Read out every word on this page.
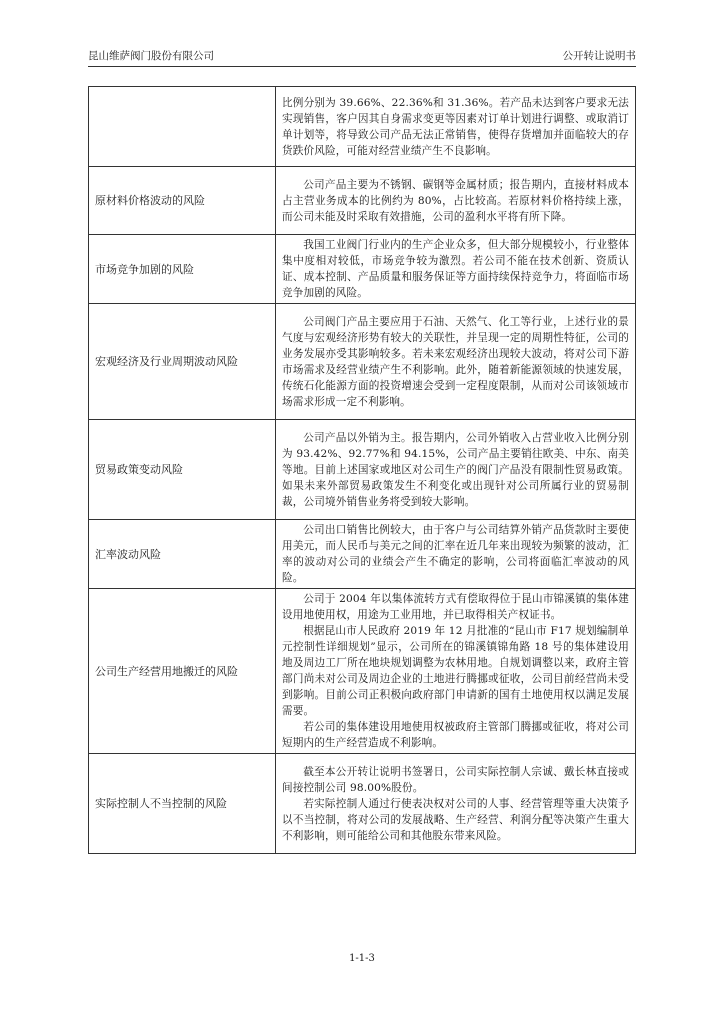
昆山维萨阀门股份有限公司	公开转让说明书

	比例分别为 39.66%、22.36%和 31.36%。若产品未达到客户要求无法实现销售，客户因其自身需求变更等因素对订单计划进行调整、或取消订单计划等，将导致公司产品无法正常销售，使得存货增加并面临较大的存货跌价风险，可能对经营业绩产生不良影响。

原材料价格波动的风险	公司产品主要为不锈钢、碳钢等金属材质；报告期内，直接材料成本占主营业务成本的比例约为 80%，占比较高。若原材料价格持续上涨，而公司未能及时采取有效措施，公司的盈利水平将有所下降。

市场竞争加剧的风险	我国工业阀门行业内的生产企业众多，但大部分规模较小，行业整体集中度相对较低，市场竞争较为激烈。若公司不能在技术创新、资质认证、成本控制、产品质量和服务保证等方面持续保持竞争力，将面临市场竞争加剧的风险。

宏观经济及行业周期波动风险	公司阀门产品主要应用于石油、天然气、化工等行业，上述行业的景气度与宏观经济形势有较大的关联性，并呈现一定的周期性特征，公司的业务发展亦受其影响较多。若未来宏观经济出现较大波动，将对公司下游市场需求及经营业绩产生不利影响。此外，随着新能源领域的快速发展，传统石化能源方面的投资增速会受到一定程度限制，从而对公司该领域市场需求形成一定不利影响。

贸易政策变动风险	公司产品以外销为主。报告期内，公司外销收入占营业收入比例分别为 93.42%、92.77%和 94.15%，公司产品主要销往欧美、中东、南美等地。目前上述国家或地区对公司生产的阀门产品没有限制性贸易政策。如果未来外部贸易政策发生不利变化或出现针对公司所属行业的贸易制裁，公司境外销售业务将受到较大影响。

汇率波动风险	公司出口销售比例较大，由于客户与公司结算外销产品货款时主要使用美元，而人民币与美元之间的汇率在近几年来出现较为频繁的波动，汇率的波动对公司的业绩会产生不确定的影响，公司将面临汇率波动的风险。

公司生产经营用地搬迁的风险	公司于 2004 年以集体流转方式有偿取得位于昆山市锦溪镇的集体建设用地使用权，用途为工业用地，并已取得相关产权证书。

根据昆山市人民政府 2019 年 12 月批准的“昆山市 F17 规划编制单元控制性详细规划”显示，公司所在的锦溪镇锦角路 18 号的集体建设用地及周边工厂所在地块规划调整为农林用地。自规划调整以来，政府主管部门尚未对公司及周边企业的土地进行腾挪或征收，公司目前经营尚未受到影响。目前公司正积极向政府部门申请新的国有土地使用权以满足发展需要。

若公司的集体建设用地使用权被政府主管部门腾挪或征收，将对公司短期内的生产经营造成不利影响。

实际控制人不当控制的风险	截至本公开转让说明书签署日，公司实际控制人宗诚、戴长林直接或间接控制公司 98.00%股份。

若实际控制人通过行使表决权对公司的人事、经营管理等重大决策予以不当控制，将对公司的发展战略、生产经营、利润分配等决策产生重大不利影响，则可能给公司和其他股东带来风险。

1-1-3
